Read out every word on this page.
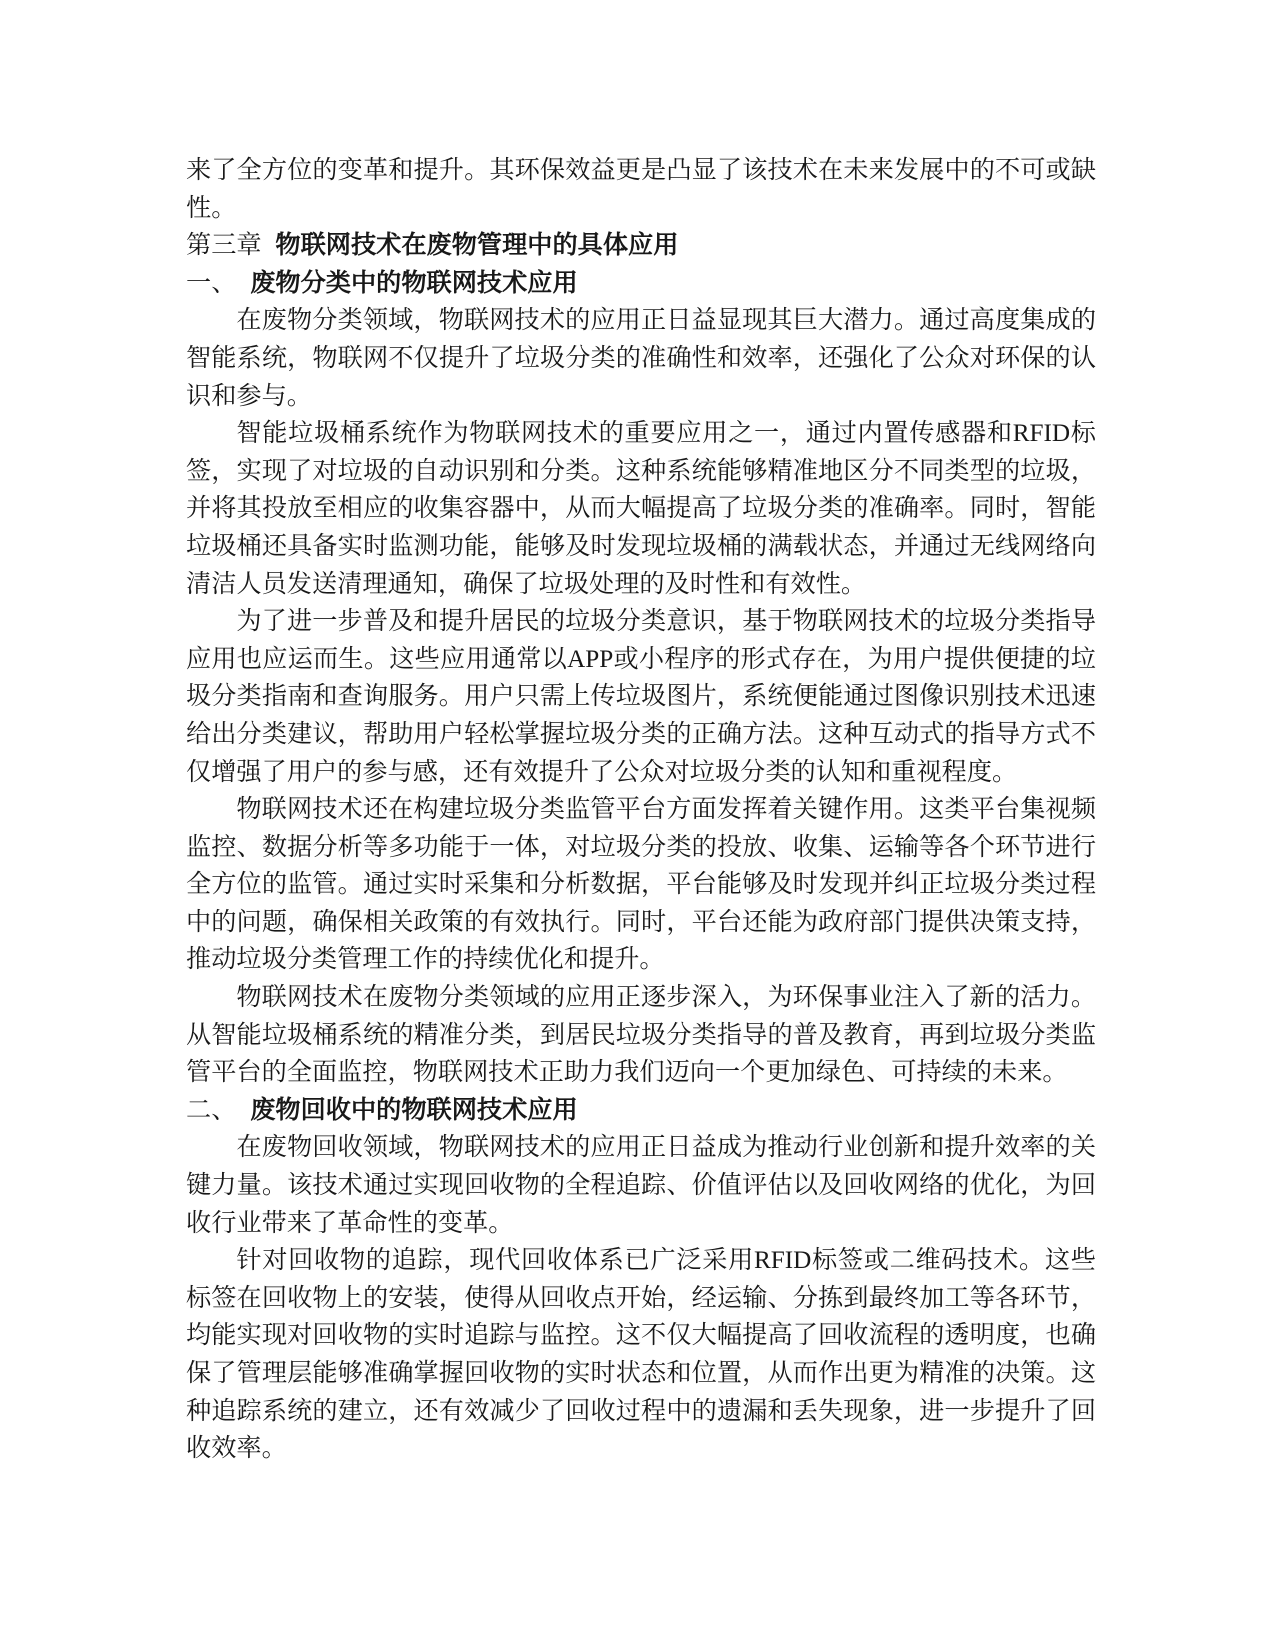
来了全方位的变革和提升。其环保效益更是凸显了该技术在未来发展中的不可或缺性。

第三章 物联网技术在废物管理中的具体应用

一、 废物分类中的物联网技术应用

在废物分类领域，物联网技术的应用正日益显现其巨大潜力。通过高度集成的智能系统，物联网不仅提升了垃圾分类的准确性和效率，还强化了公众对环保的认识和参与。

智能垃圾桶系统作为物联网技术的重要应用之一，通过内置传感器和RFID标签，实现了对垃圾的自动识别和分类。这种系统能够精准地区分不同类型的垃圾，并将其投放至相应的收集容器中，从而大幅提高了垃圾分类的准确率。同时，智能垃圾桶还具备实时监测功能，能够及时发现垃圾桶的满载状态，并通过无线网络向清洁人员发送清理通知，确保了垃圾处理的及时性和有效性。

为了进一步普及和提升居民的垃圾分类意识，基于物联网技术的垃圾分类指导应用也应运而生。这些应用通常以APP或小程序的形式存在，为用户提供便捷的垃圾分类指南和查询服务。用户只需上传垃圾图片，系统便能通过图像识别技术迅速给出分类建议，帮助用户轻松掌握垃圾分类的正确方法。这种互动式的指导方式不仅增强了用户的参与感，还有效提升了公众对垃圾分类的认知和重视程度。

物联网技术还在构建垃圾分类监管平台方面发挥着关键作用。这类平台集视频监控、数据分析等多功能于一体，对垃圾分类的投放、收集、运输等各个环节进行全方位的监管。通过实时采集和分析数据，平台能够及时发现并纠正垃圾分类过程中的问题，确保相关政策的有效执行。同时，平台还能为政府部门提供决策支持，推动垃圾分类管理工作的持续优化和提升。

物联网技术在废物分类领域的应用正逐步深入，为环保事业注入了新的活力。从智能垃圾桶系统的精准分类，到居民垃圾分类指导的普及教育，再到垃圾分类监管平台的全面监控，物联网技术正助力我们迈向一个更加绿色、可持续的未来。

二、 废物回收中的物联网技术应用

在废物回收领域，物联网技术的应用正日益成为推动行业创新和提升效率的关键力量。该技术通过实现回收物的全程追踪、价值评估以及回收网络的优化，为回收行业带来了革命性的变革。

针对回收物的追踪，现代回收体系已广泛采用RFID标签或二维码技术。这些标签在回收物上的安装，使得从回收点开始，经运输、分拣到最终加工等各环节，均能实现对回收物的实时追踪与监控。这不仅大幅提高了回收流程的透明度，也确保了管理层能够准确掌握回收物的实时状态和位置，从而作出更为精准的决策。这种追踪系统的建立，还有效减少了回收过程中的遗漏和丢失现象，进一步提升了回收效率。
